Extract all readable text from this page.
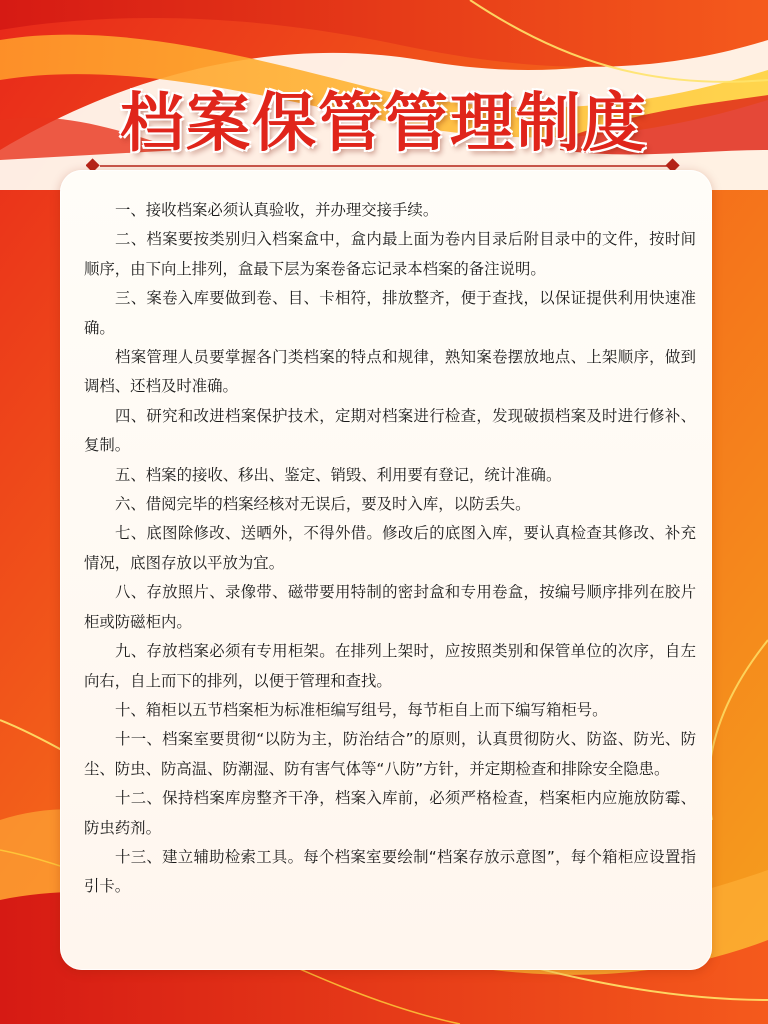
档案保管管理制度

一、接收档案必须认真验收，并办理交接手续。

二、档案要按类别归入档案盒中，盒内最上面为卷内目录后附目录中的文件，按时间顺序，由下向上排列，盒最下层为案卷备忘记录本档案的备注说明。

三、案卷入库要做到卷、目、卡相符，排放整齐，便于查找，以保证提供利用快速准确。

档案管理人员要掌握各门类档案的特点和规律，熟知案卷摆放地点、上架顺序，做到调档、还档及时准确。

四、研究和改进档案保护技术，定期对档案进行检查，发现破损档案及时进行修补、复制。

五、档案的接收、移出、鉴定、销毁、利用要有登记，统计准确。

六、借阅完毕的档案经核对无误后，要及时入库，以防丢失。

七、底图除修改、送晒外，不得外借。修改后的底图入库，要认真检查其修改、补充情况，底图存放以平放为宜。

八、存放照片、录像带、磁带要用特制的密封盒和专用卷盒，按编号顺序排列在胶片柜或防磁柜内。

九、存放档案必须有专用柜架。在排列上架时，应按照类别和保管单位的次序，自左向右，自上而下的排列，以便于管理和查找。

十、箱柜以五节档案柜为标准柜编写组号，每节柜自上而下编写箱柜号。

十一、档案室要贯彻“以防为主，防治结合”的原则，认真贯彻防火、防盗、防光、防尘、防虫、防高温、防潮湿、防有害气体等“八防”方针，并定期检查和排除安全隐患。

十二、保持档案库房整齐干净，档案入库前，必须严格检查，档案柜内应施放防霉、防虫药剂。

十三、建立辅助检索工具。每个档案室要绘制“档案存放示意图”，每个箱柜应设置指引卡。
